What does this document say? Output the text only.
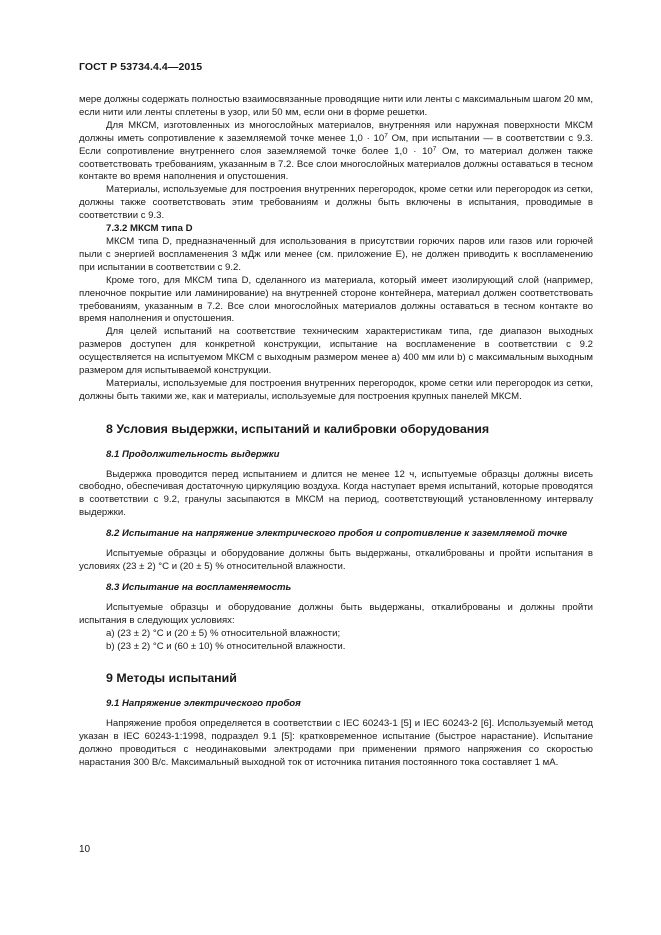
ГОСТ Р 53734.4.4—2015

мере должны содержать полностью взаимосвязанные проводящие нити или ленты с максимальным шагом 20 мм, если нити или ленты сплетены в узор, или 50 мм, если они в форме решетки.

Для МКСМ, изготовленных из многослойных материалов, внутренняя или наружная поверхности МКСМ должны иметь сопротивление к заземляемой точке менее $1,0 \cdot 10^7$ Ом, при испытании — в соответствии с 9.3. Если сопротивление внутреннего слоя заземляемой точке более $1,0 \cdot 10^7$ Ом, то материал должен также соответствовать требованиям, указанным в 7.2. Все слои многослойных материалов должны оставаться в тесном контакте во время наполнения и опустошения.

Материалы, используемые для построения внутренних перегородок, кроме сетки или перегородок из сетки, должны также соответствовать этим требованиям и должны быть включены в испытания, проводимые в соответствии с 9.3.

7.3.2 МКСМ типа D

МКСМ типа D, предназначенный для использования в присутствии горючих паров или газов или горючей пыли с энергией воспламенения 3 мДж или менее (см. приложение Е), не должен приводить к воспламенению при испытании в соответствии с 9.2.

Кроме того, для МКСМ типа D, сделанного из материала, который имеет изолирующий слой (например, пленочное покрытие или ламинирование) на внутренней стороне контейнера, материал должен соответствовать требованиям, указанным в 7.2. Все слои многослойных материалов должны оставаться в тесном контакте во время наполнения и опустошения.

Для целей испытаний на соответствие техническим характеристикам типа, где диапазон выходных размеров доступен для конкретной конструкции, испытание на воспламенение в соответствии с 9.2 осуществляется на испытуемом МКСМ с выходным размером менее a) 400 мм или b) с максимальным выходным размером для испытываемой конструкции.

Материалы, используемые для построения внутренних перегородок, кроме сетки или перегородок из сетки, должны быть такими же, как и материалы, используемые для построения крупных панелей МКСМ.

8 Условия выдержки, испытаний и калибровки оборудования

8.1 Продолжительность выдержки

Выдержка проводится перед испытанием и длится не менее 12 ч, испытуемые образцы должны висеть свободно, обеспечивая достаточную циркуляцию воздуха. Когда наступает время испытаний, которые проводятся в соответствии с 9.2, гранулы засыпаются в МКСМ на период, соответствующий установленному интервалу выдержки.

8.2 Испытание на напряжение электрического пробоя и сопротивление к заземляемой точке

Испытуемые образцы и оборудование должны быть выдержаны, откалиброваны и пройти испытания в условиях (23 ± 2) °С и (20 ± 5) % относительной влажности.

8.3 Испытание на воспламеняемость

Испытуемые образцы и оборудование должны быть выдержаны, откалиброваны и должны пройти испытания в следующих условиях:

a) (23 ± 2) °С и (20 ± 5) % относительной влажности;

b) (23 ± 2) °С и (60 ± 10) % относительной влажности.

9 Методы испытаний

9.1 Напряжение электрического пробоя

Напряжение пробоя определяется в соответствии с IEC 60243-1 [5] и IEC 60243-2 [6]. Используемый метод указан в IEC 60243-1:1998, подраздел 9.1 [5]: кратковременное испытание (быстрое нарастание). Испытание должно проводиться с неодинаковыми электродами при применении прямого напряжения со скоростью нарастания 300 В/с. Максимальный выходной ток от источника питания постоянного тока составляет 1 мА.

10
